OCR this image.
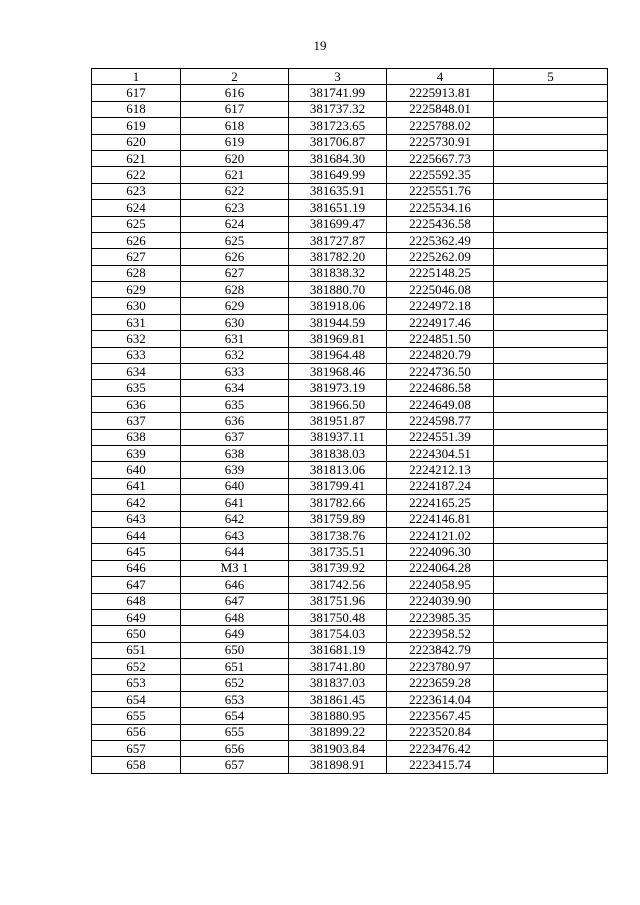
19
1	2	3	4	5
617	616	381741.99	2225913.81	
618	617	381737.32	2225848.01	
619	618	381723.65	2225788.02	
620	619	381706.87	2225730.91	
621	620	381684.30	2225667.73	
622	621	381649.99	2225592.35	
623	622	381635.91	2225551.76	
624	623	381651.19	2225534.16	
625	624	381699.47	2225436.58	
626	625	381727.87	2225362.49	
627	626	381782.20	2225262.09	
628	627	381838.32	2225148.25	
629	628	381880.70	2225046.08	
630	629	381918.06	2224972.18	
631	630	381944.59	2224917.46	
632	631	381969.81	2224851.50	
633	632	381964.48	2224820.79	
634	633	381968.46	2224736.50	
635	634	381973.19	2224686.58	
636	635	381966.50	2224649.08	
637	636	381951.87	2224598.77	
638	637	381937.11	2224551.39	
639	638	381838.03	2224304.51	
640	639	381813.06	2224212.13	
641	640	381799.41	2224187.24	
642	641	381782.66	2224165.25	
643	642	381759.89	2224146.81	
644	643	381738.76	2224121.02	
645	644	381735.51	2224096.30	
646	МЗ 1	381739.92	2224064.28	
647	646	381742.56	2224058.95	
648	647	381751.96	2224039.90	
649	648	381750.48	2223985.35	
650	649	381754.03	2223958.52	
651	650	381681.19	2223842.79	
652	651	381741.80	2223780.97	
653	652	381837.03	2223659.28	
654	653	381861.45	2223614.04	
655	654	381880.95	2223567.45	
656	655	381899.22	2223520.84	
657	656	381903.84	2223476.42	
658	657	381898.91	2223415.74	
